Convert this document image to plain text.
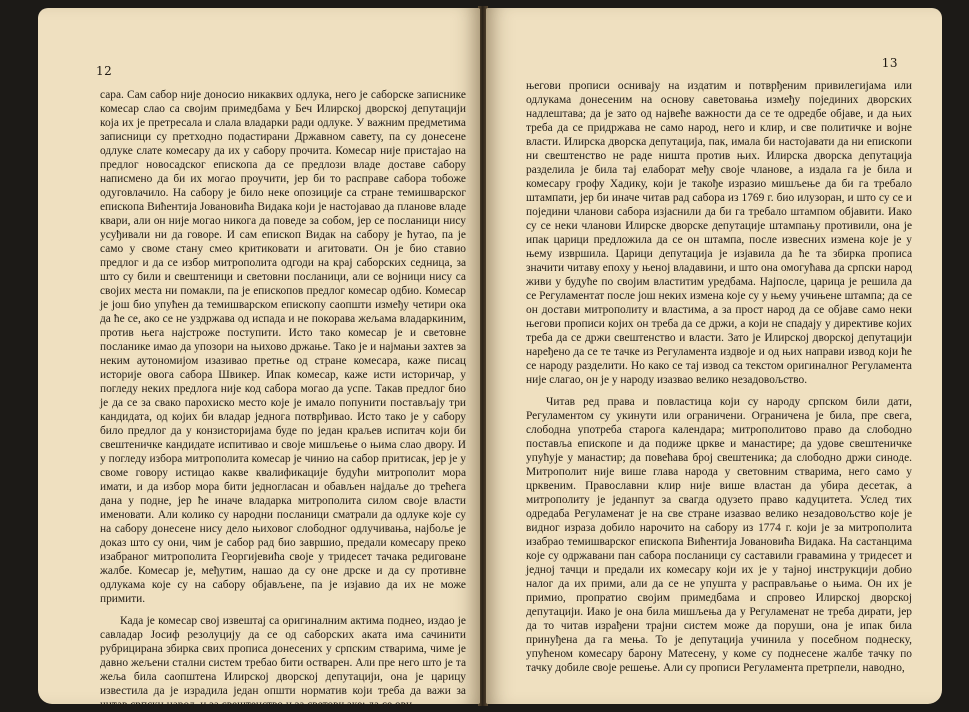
12

сара. Сам сабор није доносио никаквих одлука, него је саборске записнике комесар слао са својим примедбама у Беч Илирској дворској депутацији која их је претресала и слала владарки ради одлуке. У важним предметима записници су претходно подастирани Државном савету, па су донесене одлуке слате комесару да их у сабору прочита. Комесар није пристајао на предлог новосадског епископа да се предлози владе доставе сабору написмено да би их могао проучити, јер би то расправе сабора тобоже одуговлачило. На сабору је било неке опозиције са стране темишварског епископа Вићентија Јовановића Видака који је настојавао да планове владе квари, али он није могао никога да поведе за собом, јер се посланици нису усуђивали ни да говоре. И сам епископ Видак на сабору је ћутао, па је само у своме стану смео критиковати и агитовати. Он је био ставио предлог и да се избор митрополита одгоди на крај саборских седница, за што су били и свештеници и световни посланици, али се војници нису са својих места ни помакли, па је епископов предлог комесар одбио. Комесар је још био упућен да темишварском епископу саопшти између четири ока да ће се, ако се не уздржава од испада и не покорава жељама владаркиним, против њега најстроже поступити. Исто тако комесар је и световне посланике имао да упозори на њихово држање. Тако је и најмањи захтев за неким аутономијом изазивао претње од стране комесара, каже писац историје овога сабора Швикер. Ипак комесар, каже исти историчар, у погледу неких предлога није код сабора могао да успе. Такав предлог био је да се за свако парохиско место које је имало попунити постављају три кандидата, од којих би владар једнога потврђивао. Исто тако је у сабору било предлог да у конзисторијама буде по један краљев испитач који би свештеничке кандидате испитивао и своје мишљење о њима слао двору. И у погледу избора митрополита комесар је чинио на сабор притисак, јер је у своме говору истицао какве квалификације будући митрополит мора имати, и да избор мора бити једногласан и обављен најдаље до трећега дана у подне, јер ће иначе владарка митрополита силом своје власти именовати. Али колико су народни посланици сматрали да одлуке које су на сабору донесене нису дело њиховог слободног одлучивања, најбоље је доказ што су они, чим је сабор рад био завршио, предали комесару преко изабраног митрополита Георгијевића своје у тридесет тачака редиговане жалбе. Комесар је, међутим, нашао да су оне дрске и да су противне одлукама које су на сабору објављене, па је изјавио да их не може примити.

Када је комесар свој извештај са оригиналним актима поднео, издао је савладар Јосиф резолуцију да се од саборских аката има сачинити рубрицирана збирка свих прописа донесених у српским стварима, чиме је давно жељени стални систем требао бити остварен. Али пре него што је та жеља била саопштена Илирској дворској депутацији, она је царицу известила да је израдила један општи норматив који треба да важи за читав српски народ, и за свештенство и за световњаке; да се ови

13

његови прописи оснивају на издатим и потврђеним привилегијама или одлукама донесеним на основу саветовања између појединих дворских надлештава; да је зато од највеће важности да се те одредбе објаве, и да њих треба да се придржава не само народ, него и клир, и све политичке и војне власти. Илирска дворска депутација, пак, имала би настојавати да ни епископи ни свештенство не раде ништа против њих. Илирска дворска депутација разделила је била тај елаборат међу своје чланове, а издала га је била и комесару грофу Хадику, који је такође изразио мишљење да би га требало штампати, јер би иначе читав рад сабора из 1769 г. био илузоран, и што су се и поједини чланови сабора изјаснили да би га требало штампом објавити. Иако су се неки чланови Илирске дворске депутације штампању противили, она је ипак царици предложила да се он штампа, после извесних измена које је у њему извршила. Царици депутација је изјавила да ће та збирка прописа значити читаву епоху у њеној владавини, и што она омогућава да српски народ живи у будуће по својим властитим уредбама. Најпосле, царица је решила да се Регуламентат после још неких измена које су у њему учињене штампа; да се он достави митрополиту и властима, а за прост народ да се објаве само неки његови прописи којих он треба да се држи, а који не спадају у директиве којих треба да се држи свештенство и власти. Зато је Илирској дворској депутацији наређено да се те тачке из Регуламента издвоје и од њих направи извод који ће се народу разделити. Но како се тај извод са текстом оригиналног Регуламента није слагао, он је у народу изазвао велико незадовољство.

Читав ред права и повластица који су народу српском били дати, Регуламентом су укинути или ограничени. Ограничена је била, пре свега, слободна употреба старога календара; митрополитово право да слободно поставља епископе и да подиже цркве и манастире; да удове свештеничке упућује у манастир; да повећава број свештеника; да слободно држи синоде. Митрополит није више глава народа у световним стварима, него само у црквеним. Православни клир није више властан да убира десетак, а митрополиту је једанпут за свагда одузето право кадуцитета. Услед тих одредаба Регуламенат је на све стране изазвао велико незадовољство које је видног израза добило нарочито на сабору из 1774 г. који је за митрополита изабрао темишварског епископа Вићентија Јовановића Видака. На састанцима које су одржавани пан сабора посланици су саставили гравамина у тридесет и једној тачци и предали их комесару који их је у тајној инструкцији добио налог да их прими, али да се не упушта у расправљање о њима. Он их је примио, пропратио својим примедбама и спровео Илирској дворској депутацији. Иако је она била мишљења да у Регуламенат не треба дирати, јер да то читав израђени трајни систем може да поруши, она је ипак била принуђена да га мења. То је депутација учинила у посебном поднеску, упућеном комесару барону Матесену, у коме су поднесене жалбе тачку по тачку добиле своје решење. Али су прописи Регуламента претрпели, наводно,
